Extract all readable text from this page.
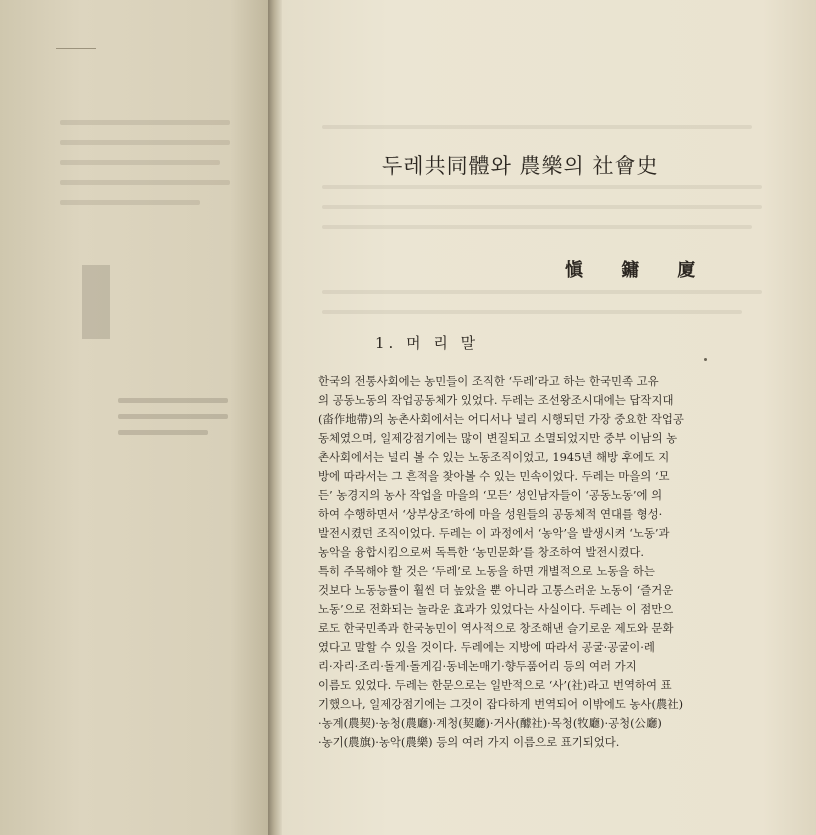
두레共同體와 農樂의 社會史
愼 鏞 廈
1. 머 리 말
한국의 전통사회에는 농민들이 조직한 ‘두레’라고 하는 한국민족 고유
의 공동노동의 작업공동체가 있었다. 두레는 조선왕조시대에는 답작지대
(畓作地帶)의 농촌사회에서는 어디서나 널리 시행되던 가장 중요한 작업공
동체였으며, 일제강점기에는 많이 변질되고 소멸되었지만 중부 이남의 농
촌사회에서는 널리 볼 수 있는 노동조직이었고, 1945년 해방 후에도 지
방에 따라서는 그 흔적을 찾아볼 수 있는 민속이었다. 두레는 마을의 ‘모
든’ 농경지의 농사 작업을 마을의 ‘모든’ 성인남자들이 ‘공동노동’에 의
하여 수행하면서 ‘상부상조’하에 마을 성원들의 공동체적 연대를 형성·
발전시켰던 조직이었다. 두레는 이 과정에서 ‘농악’을 발생시켜 ‘노동’과
농악을 융합시킴으로써 독특한 ‘농민문화’를 창조하여 발전시켰다.
특히 주목해야 할 것은 ‘두레’로 노동을 하면 개별적으로 노동을 하는
것보다 노동능률이 훨씬 더 높았을 뿐 아니라 고통스러운 노동이 ‘즐거운
노동’으로 전화되는 놀라운 효과가 있었다는 사실이다. 두레는 이 점만으
로도 한국민족과 한국농민이 역사적으로 창조해낸 슬기로운 제도와 문화
였다고 말할 수 있을 것이다. 두레에는 지방에 따라서 공굴·공굴이·레
리·자리·조리·돌게·돌게김·동네논매기·향두품어리 등의 여러 가지
이름도 있었다. 두레는 한문으로는 일반적으로 ‘사’(社)라고 번역하여 표
기했으나, 일제강점기에는 그것이 잡다하게 번역되어 이밖에도 농사(農社)
·농계(農契)·농청(農廳)·계청(契廳)·거사(醵社)·목청(牧廳)·공청(公廳)
·농기(農旗)·농악(農樂) 등의 여러 가지 이름으로 표기되었다.
